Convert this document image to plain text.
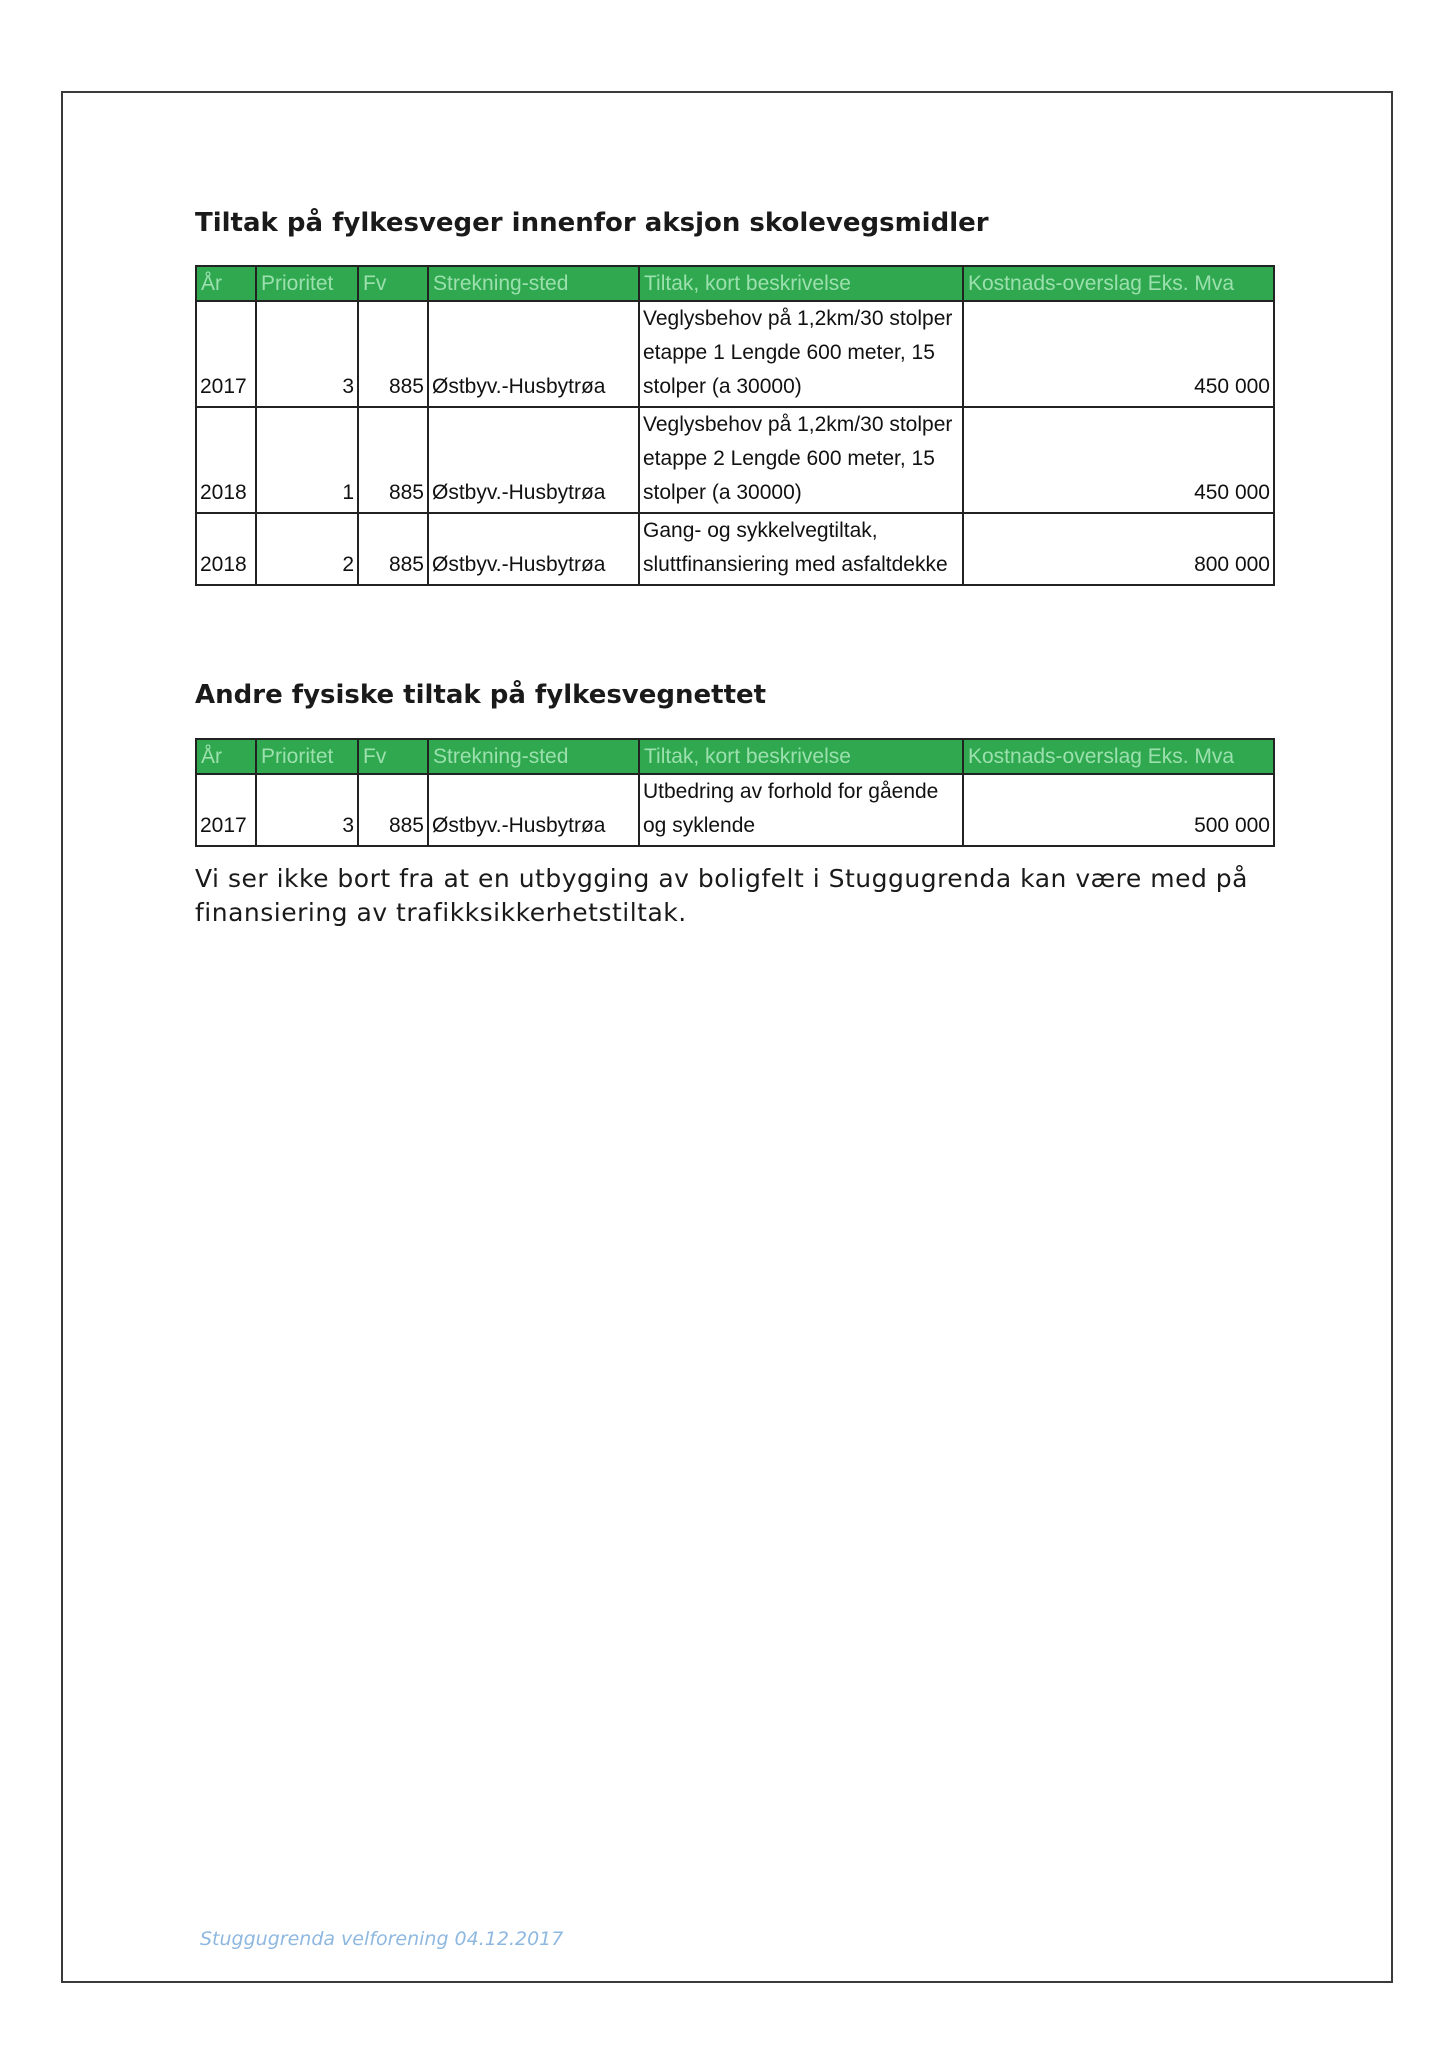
Tiltak på fylkesveger innenfor aksjon skolevegsmidler
År	Prioritet	Fv	Strekning-sted	Tiltak, kort beskrivelse	Kostnads-overslag Eks. Mva
2017	3	885	Østbyv.-Husbytrøa	Veglysbehov på 1,2km/30 stolper etappe 1 Lengde 600 meter, 15 stolper (a 30000)	450 000
2018	1	885	Østbyv.-Husbytrøa	Veglysbehov på 1,2km/30 stolper etappe 2 Lengde 600 meter, 15 stolper (a 30000)	450 000
2018	2	885	Østbyv.-Husbytrøa	Gang- og sykkelvegtiltak, sluttfinansiering med asfaltdekke	800 000
Andre fysiske tiltak på fylkesvegnettet
År	Prioritet	Fv	Strekning-sted	Tiltak, kort beskrivelse	Kostnads-overslag Eks. Mva
2017	3	885	Østbyv.-Husbytrøa	Utbedring av forhold for gående og syklende	500 000

Vi ser ikke bort fra at en utbygging av boligfelt i Stuggugrenda kan være med på finansiering av trafikksikkerhetstiltak.

Stuggugrenda velforening 04.12.2017
